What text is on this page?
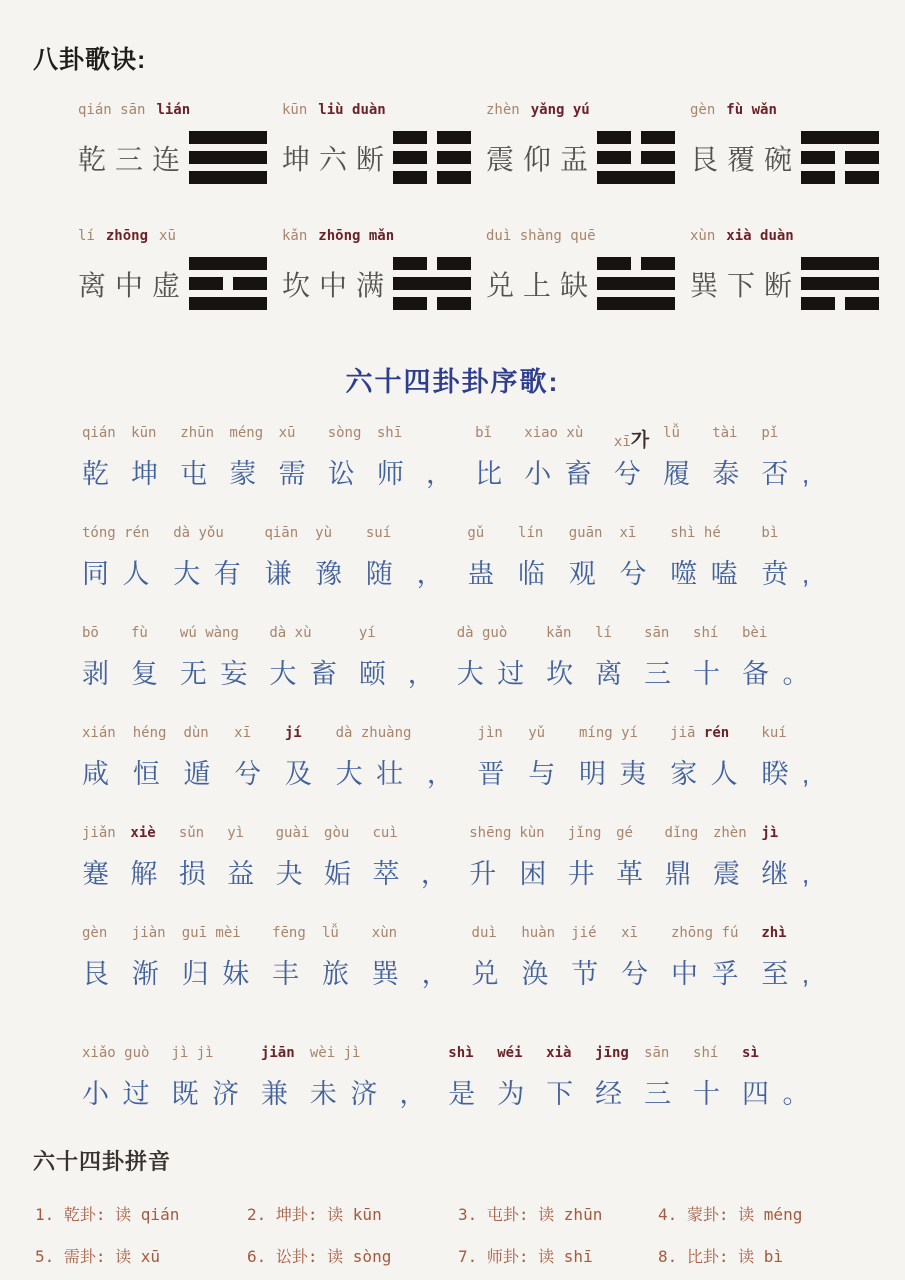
八卦歌诀:
qián sān lián
乾三连
kūn liù duàn
坤六断
zhèn yǎng yú
震仰盂
gèn fù wǎn
艮覆碗
lí zhōng xū
离中虚
kǎn zhōng mǎn
坎中满
duì shàng quē
兑上缺
xùn xià duàn
巽下断
六十四卦卦序歌:
qián
乾
kūn
坤
zhūn
屯
méng
蒙
xū
需
sòng
讼
shī
师 ，
bǐ
比
xiao xù
小畜
xī가
兮
lǚ
履
tài
泰
pǐ
否,
tóng rén
同人
dà yǒu
大有
qiān
谦
yù
豫
suí
随 ，
gǔ
蛊
lín
临
guān
观
xī
兮
shì hé
噬嗑
bì
贲,
bō
剥
fù
复
wú wàng
无妄
dà xù
大畜
yí
颐 ，
dà guò
大过
kǎn
坎
lí
离
sān
三
shí
十
bèi
备。
xián
咸
héng
恒
dùn
遁
xī
兮
jí
及
dà zhuàng
大壮 ，
jìn
晋
yǔ
与
míng yí
明夷
jiā rén
家人
kuí
睽,
jiǎn
蹇
xiè
解
sǔn
损
yì
益
guài
夬
gòu
姤
cuì
萃 ，
shēng
升
kùn
困
jǐng
井
gé
革
dǐng
鼎
zhèn
震
jì
继,
gèn
艮
jiàn
渐
guī mèi
归妹
fēng
丰
lǚ
旅
xùn
巽 ，
duì
兑
huàn
涣
jié
节
xī
兮
zhōng fú
中孚
zhì
至,
xiǎo guò
小过
jì jì
既济
jiān
兼
wèi jì
未济 ，
shì
是
wéi
为
xià
下
jīng
经
sān
三
shí
十
sì
四。
六十四卦拼音
1. 乾卦: 读 qián	2. 坤卦: 读 kūn	3. 屯卦: 读 zhūn	4. 蒙卦: 读 méng
5. 需卦: 读 xū	6. 讼卦: 读 sòng	7. 师卦: 读 shī	8. 比卦: 读 bì
